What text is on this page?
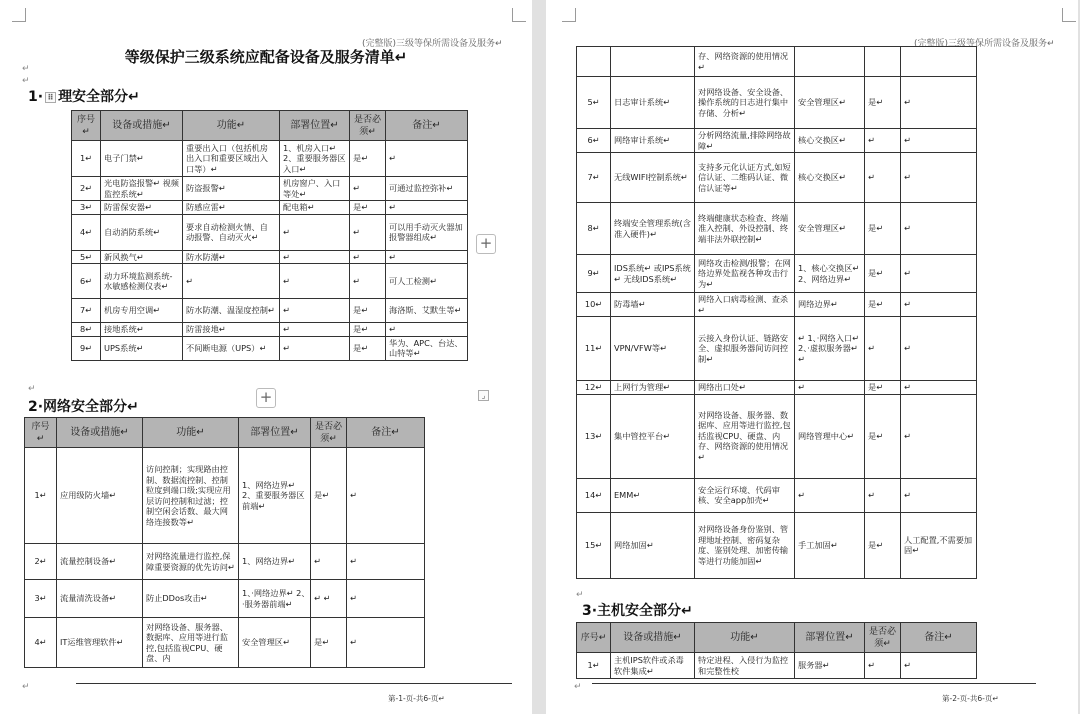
(完整版)三级等保所需设备及服务↵
等级保护三级系统应配备设备及服务清单↵
↵
↵
1· ⠿ 理安全部分↵
序号↵	设备或措施↵	功能↵	部署位置↵	是否必须↵	备注↵
1↵	电子门禁↵	重要出入口（包括机房出入口和重要区域出入口等）↵	1、机房入口↵ 2、重要服务器区入口↵	是↵	↵
2↵	光电防盗报警↵ 视频监控系统↵	防盗报警↵	机房窗户、入口等处↵	↵	可通过监控弥补↵
3↵	防雷保安器↵	防感应雷↵	配电箱↵	是↵	↵
4↵	自动消防系统↵	要求自动检测火情、自动报警、自动灭火↵	↵	↵	可以用手动灭火器加报警器组成↵
5↵	新风换气↵	防水防潮↵	↵	↵	↵
6↵	动力环境监测系统-水敏感检测仪表↵	↵	↵	↵	可人工检测↵
7↵	机房专用空调↵	防水防潮、温湿度控制↵	↵	是↵	海洛斯、艾默生等↵
8↵	接地系统↵	防雷接地↵	↵	是↵	↵
9↵	UPS系统↵	不间断电源（UPS）↵	↵	是↵	华为、APC、台达、山特等↵
↵	+
2·网络安全部分↵
序号↵	设备或措施↵	功能↵	部署位置↵	是否必须↵	备注↵
1↵	应用级防火墙↵	访问控制；实现路由控制、数据流控制、控制粒度到端口级;实现应用层访问控制和过滤；控制空闲会话数、最大网络连接数等↵	1、网络边界↵ 2、重要服务器区前端↵	是↵	↵
2↵	流量控制设备↵	对网络流量进行监控,保障重要资源的优先访问↵	1、网络边界↵	↵	↵
3↵	流量清洗设备↵	防止DDos攻击↵	1、·网络边界↵ 2、·服务器前端↵	↵ ↵	↵
4↵	IT运维管理软件↵	对网络设备、服务器、数据库、应用等进行监控,包括监视CPU、硬盘、内	安全管理区↵	是↵	↵
↵
第-1-页-共6-页↵
+
⌟
(完整版)三级等保所需设备及服务↵
		存、网络资源的使用情况↵			
5↵	日志审计系统↵	对网络设备、安全设备、操作系统的日志进行集中存储、分析↵	安全管理区↵	是↵	↵
6↵	网络审计系统↵	分析网络流量,排除网络故障↵	核心交换区↵	↵	↵
7↵	无线WIFI控制系统↵	支持多元化认证方式,如短信认证、二维码认证、微信认证等↵	核心交换区↵	↵	↵
8↵	终端安全管理系统(含准入硬件)↵	终端健康状态检查、终端准入控制、外设控制、终端非法外联控制↵	安全管理区↵	是↵	↵
9↵	IDS系统↵ 或IPS系统↵ 无线IDS系统↵	网络攻击检测/报警；在网络边界处监视各种攻击行为↵	1、核心交换区↵ 2、网络边界↵	是↵	↵
10↵	防毒墙↵	网络入口病毒检测、查杀↵	网络边界↵	是↵	↵
11↵	VPN/VFW等↵	云接入身份认证、链路安全、虚拟服务器间访问控制↵	↵ 1、·网络入口↵ 2、·虚拟服务器↵ ↵	↵	↵
12↵	上网行为管理↵	网络出口处↵	↵	是↵	↵
13↵	集中管控平台↵	对网络设备、服务器、数据库、应用等进行监控,包括监视CPU、硬盘、内存、网络资源的使用情况↵	网络管理中心↵	是↵	↵
14↵	EMM↵	安全运行环境、代码审核、安全app加壳↵	↵	↵	↵
15↵	网络加固↵	对网络设备身份鉴别、管理地址控制、密码复杂度、鉴别处理、加密传输等进行功能加固↵	手工加固↵	是↵	人工配置,不需要加固↵
↵
3·主机安全部分↵
序号↵	设备或措施↵	功能↵	部署位置↵	是否必须↵	备注↵
1↵	主机IPS软件或杀毒软件集成↵	特定进程、入侵行为监控和完整性校	服务器↵	↵	↵
↵
第-2-页-共6-页↵
